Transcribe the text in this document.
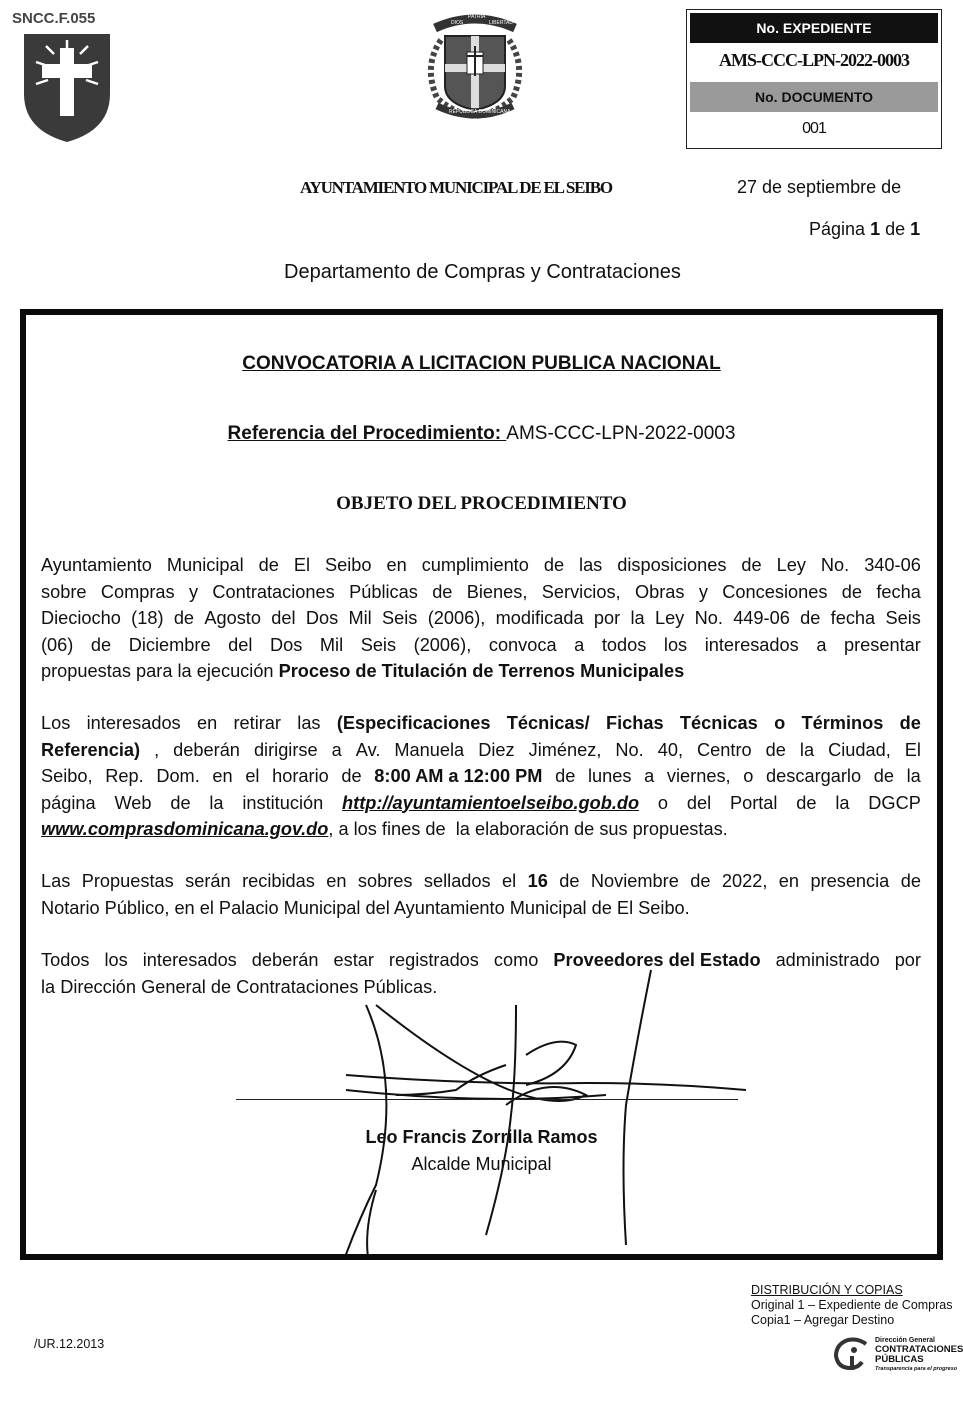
SNCC.F.055	DIOS
PATRIA
LIBERTAD
REPÚBLICA DOMINICANA
No. EXPEDIENTE
AMS-CCC-LPN-2022-0003
No. DOCUMENTO
001
AYUNTAMIENTO MUNICIPAL DE EL SEIBO	27 de septiembre de
Página 1 de 1
Departamento de Compras y Contrataciones
CONVOCATORIA A LICITACION PUBLICA NACIONAL
Referencia del Procedimiento: AMS-CCC-LPN-2022-0003
OBJETO DEL PROCEDIMIENTO
Ayuntamiento Municipal de El Seibo en cumplimiento de las disposiciones de Ley No. 340-06
sobre Compras y Contrataciones Públicas de Bienes, Servicios, Obras y Concesiones de fecha
Dieciocho (18) de Agosto del Dos Mil Seis (2006), modificada por la Ley No. 449-06 de fecha Seis
(06) de Diciembre del Dos Mil Seis (2006), convoca a todos los interesados a presentar
propuestas para la ejecución Proceso de Titulación de Terrenos Municipales
Los interesados en retirar las (Especificaciones Técnicas/ Fichas Técnicas o Términos de
Referencia) , deberán dirigirse a Av. Manuela Diez Jiménez, No. 40, Centro de la Ciudad, El
Seibo, Rep. Dom. en el horario de 8:00 AM a 12:00 PM de lunes a viernes, o descargarlo de la
página Web de la institución http://ayuntamientoelseibo.gob.do o del Portal de la DGCP
www.comprasdominicana.gov.do , a los fines de  la elaboración de sus propuestas.
Las Propuestas serán recibidas en sobres sellados el 16 de Noviembre de 2022, en presencia de
Notario Público, en el Palacio Municipal del Ayuntamiento Municipal de El Seibo.
Todos los interesados deberán estar registrados como Proveedores del Estado administrado por
la Dirección General de Contrataciones Públicas.
Leo Francis Zorrilla Ramos
Alcalde Municipal
DISTRIBUCIÓN Y COPIAS
Original 1 – Expediente de Compras
Copia1 – Agregar Destino
/UR.12.2013	Dirección General
CONTRATACIONES
PÚBLICAS
Transparencia para el progreso
